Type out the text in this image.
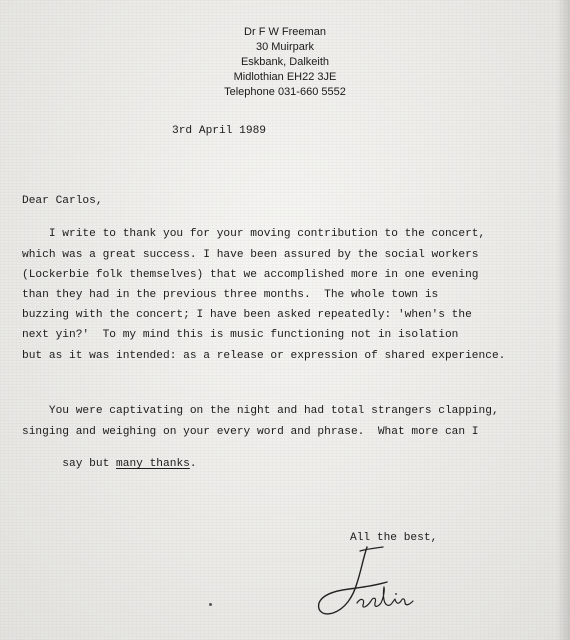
Dr F W Freeman
30 Muirpark
Eskbank, Dalkeith
Midlothian EH22 3JE
Telephone 031-660 5552
3rd April 1989
Dear Carlos,
I write to thank you for your moving contribution to the concert,
which was a great success. I have been assured by the social workers
(Lockerbie folk themselves) that we accomplished more in one evening
than they had in the previous three months.  The whole town is
buzzing with the concert; I have been asked repeatedly: 'when's the
next yin?'  To my mind this is music functioning not in isolation
but as it was intended: as a release or expression of shared experience.
You were captivating on the night and had total strangers clapping,
singing and weighing on your every word and phrase.  What more can I

say but many thanks.

All the best,
